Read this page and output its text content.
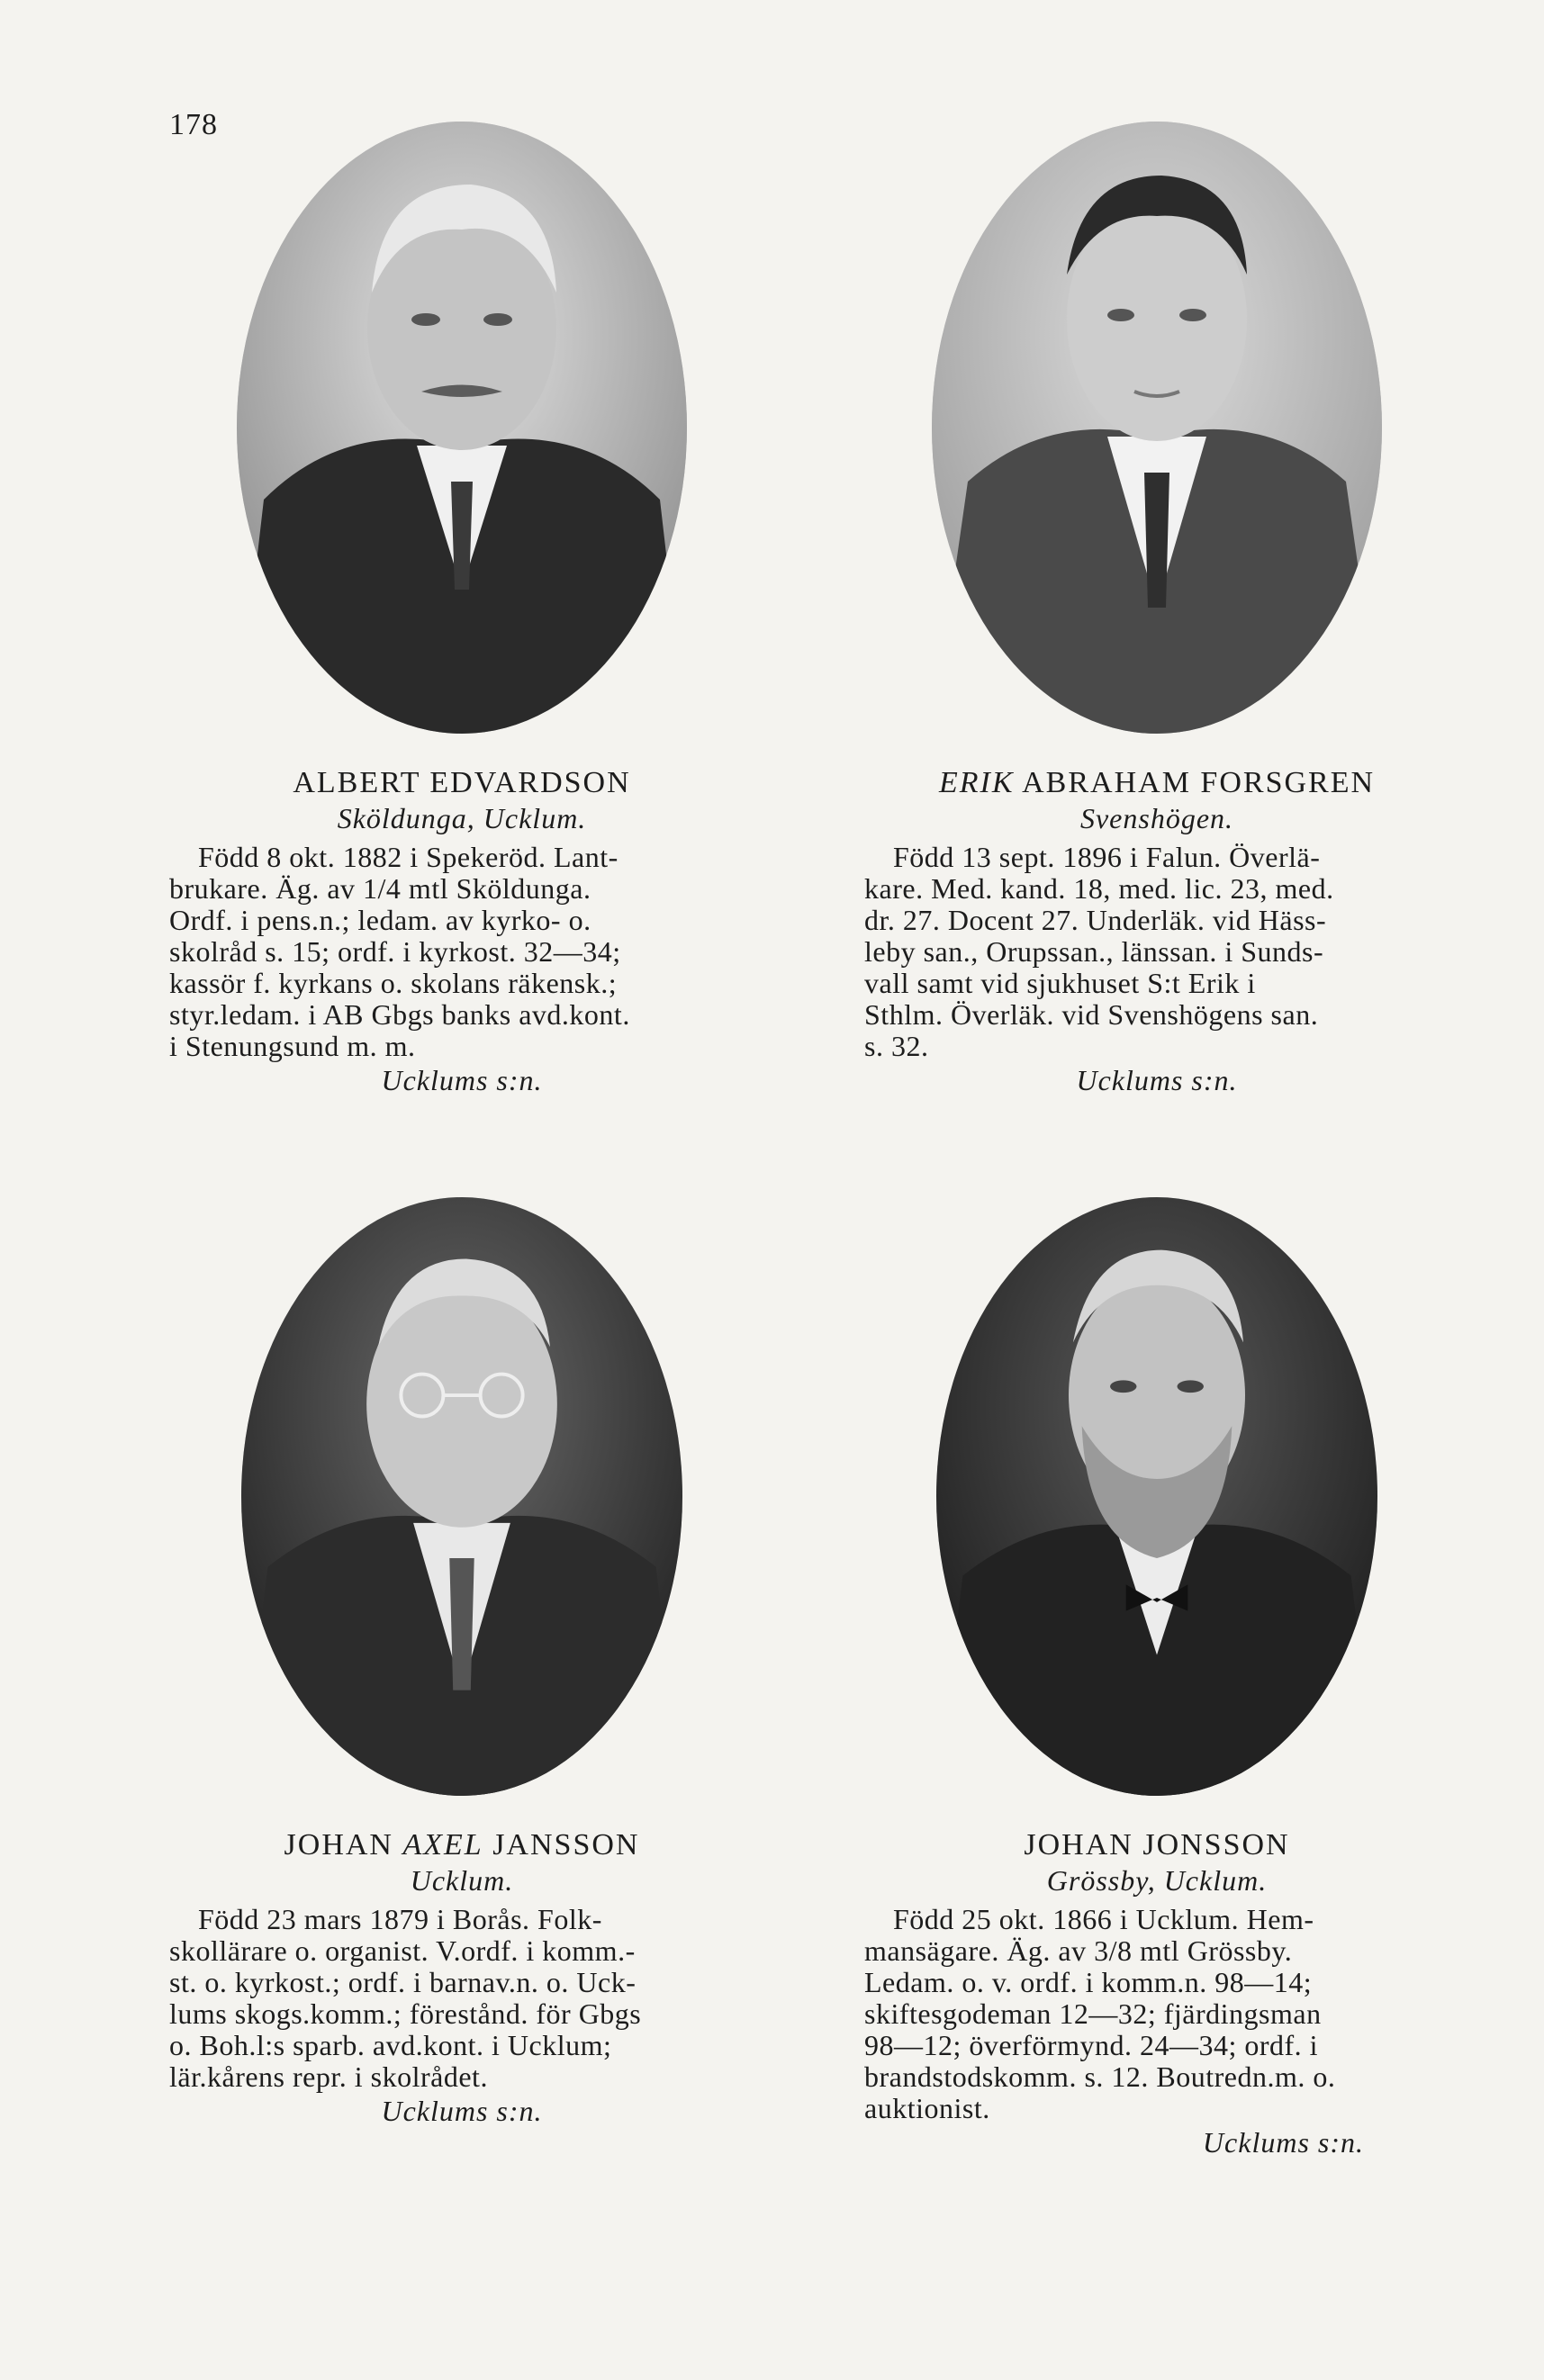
178
ALBERT EDVARDSON
Sköldunga, Ucklum.
Född 8 okt. 1882 i Spekeröd. Lant-
brukare. Äg. av 1/4 mtl Sköldunga.
Ordf. i pens.n.; ledam. av kyrko- o.
skolråd s. 15; ordf. i kyrkost. 32—34;
kassör f. kyrkans o. skolans räkensk.;
styr.ledam. i AB Gbgs banks avd.kont.
i Stenungsund m. m.
Ucklums s:n.
ERIK ABRAHAM FORSGREN
Svenshögen.
Född 13 sept. 1896 i Falun. Överlä-
kare. Med. kand. 18, med. lic. 23, med.
dr. 27. Docent 27. Underläk. vid Häss-
leby san., Orupssan., länssan. i Sunds-
vall samt vid sjukhuset S:t Erik i
Sthlm. Överläk. vid Svenshögens san.
s. 32.
Ucklums s:n.
JOHAN AXEL JANSSON
Ucklum.
Född 23 mars 1879 i Borås. Folk-
skollärare o. organist. V.ordf. i komm.-
st. o. kyrkost.; ordf. i barnav.n. o. Uck-
lums skogs.komm.; förestånd. för Gbgs
o. Boh.l:s sparb. avd.kont. i Ucklum;
lär.kårens repr. i skolrådet.
Ucklums s:n.
JOHAN JONSSON
Grössby, Ucklum.
Född 25 okt. 1866 i Ucklum. Hem-
mansägare. Äg. av 3/8 mtl Grössby.
Ledam. o. v. ordf. i komm.n. 98—14;
skiftesgodeman 12—32; fjärdingsman
98—12; överförmynd. 24—34; ordf. i
brandstodskomm. s. 12. Boutredn.m. o.
auktionist.
Ucklums s:n.
